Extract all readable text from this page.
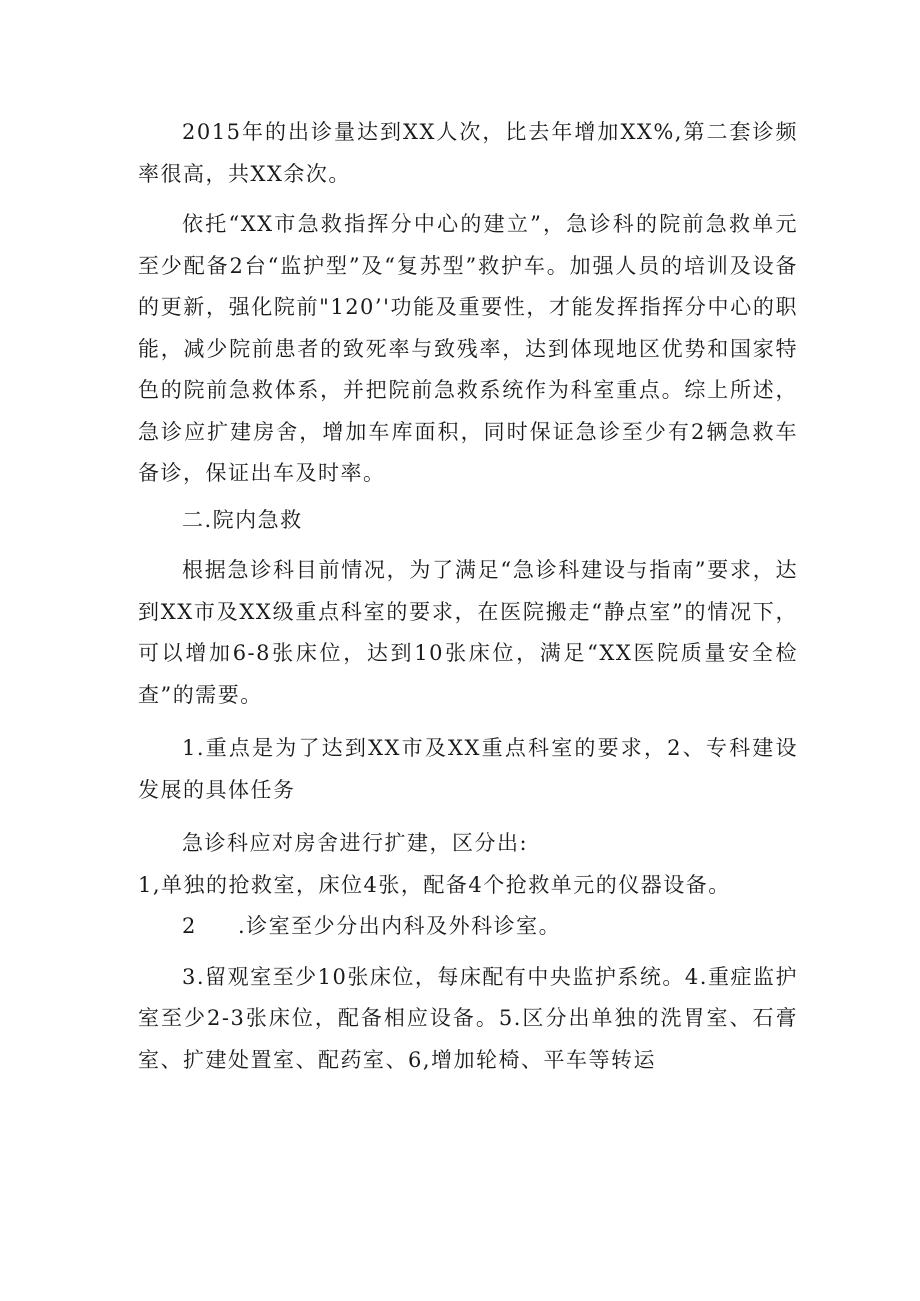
2015年的出诊量达到XX人次，比去年增加XX%,第二套诊频率很高，共XX余次。

依托“XX市急救指挥分中心的建立”，急诊科的院前急救单元至少配备2台“监护型”及“复苏型”救护车。加强人员的培训及设备的更新，强化院前"120’'功能及重要性，才能发挥指挥分中心的职能，减少院前患者的致死率与致残率，达到体现地区优势和国家特色的院前急救体系，并把院前急救系统作为科室重点。综上所述，急诊应扩建房舍，增加车库面积，同时保证急诊至少有2辆急救车备诊，保证出车及时率。

二.院内急救

根据急诊科目前情况，为了满足“急诊科建设与指南”要求，达到XX市及XX级重点科室的要求，在医院搬走“静点室”的情况下，可以增加6-8张床位，达到10张床位，满足“XX医院质量安全检查”的需要。

1.重点是为了达到XX市及XX重点科室的要求，2、专科建设发展的具体任务

急诊科应对房舍进行扩建，区分出:

1,单独的抢救室，床位4张，配备4个抢救单元的仪器设备。

2 .诊室至少分出内科及外科诊室。

3.留观室至少10张床位，每床配有中央监护系统。4.重症监护室至少2-3张床位，配备相应设备。5.区分出单独的洗胃室、石膏室、扩建处置室、配药室、6,增加轮椅、平车等转运
